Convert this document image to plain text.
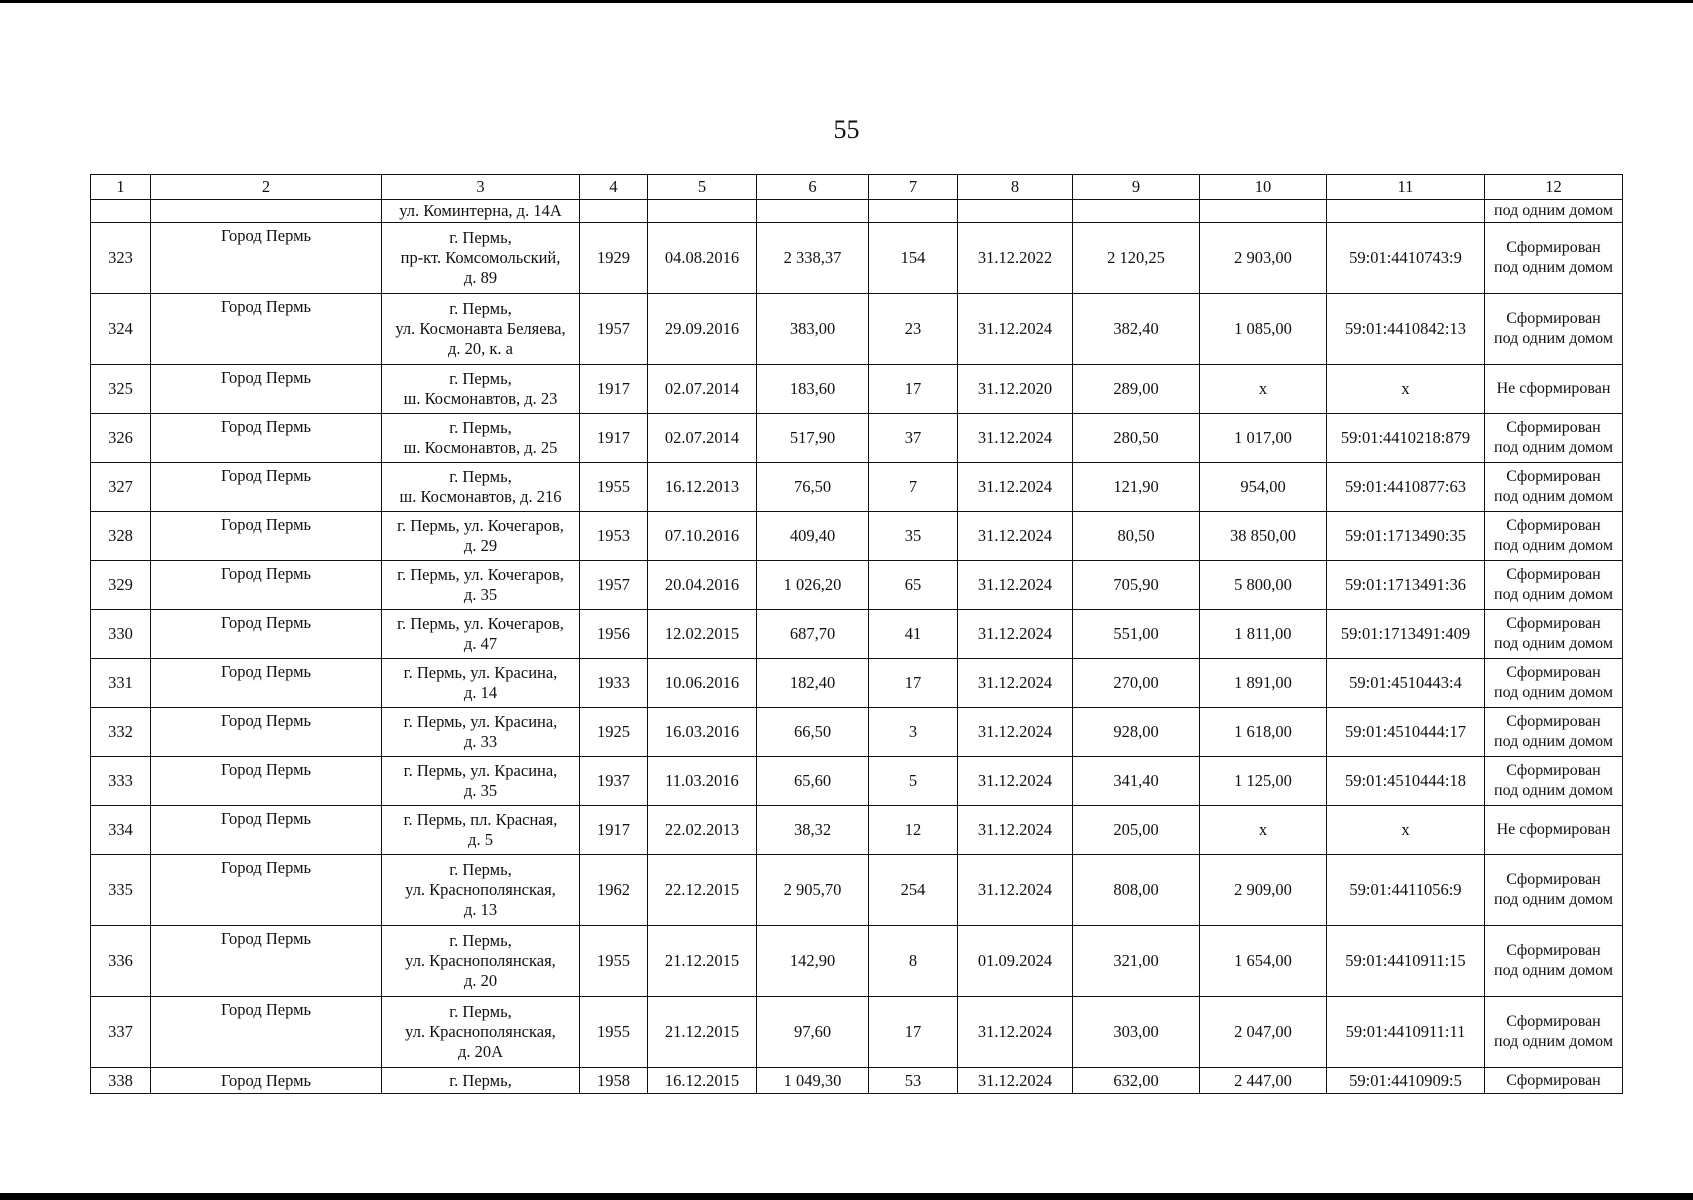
55
1	2	3	4	5	6	7	8	9	10	11	12
		ул. Коминтерна, д. 14А									под одним домом
323	Город Пермь	г. Пермь,
пр-кт. Комсомольский,
д. 89	1929	04.08.2016	2 338,37	154	31.12.2022	2 120,25	2 903,00	59:01:4410743:9	Сформирован
под одним домом
324	Город Пермь	г. Пермь,
ул. Космонавта Беляева,
д. 20, к. а	1957	29.09.2016	383,00	23	31.12.2024	382,40	1 085,00	59:01:4410842:13	Сформирован
под одним домом
325	Город Пермь	г. Пермь,
ш. Космонавтов, д. 23	1917	02.07.2014	183,60	17	31.12.2020	289,00	x	x	Не сформирован
326	Город Пермь	г. Пермь,
ш. Космонавтов, д. 25	1917	02.07.2014	517,90	37	31.12.2024	280,50	1 017,00	59:01:4410218:879	Сформирован
под одним домом
327	Город Пермь	г. Пермь,
ш. Космонавтов, д. 216	1955	16.12.2013	76,50	7	31.12.2024	121,90	954,00	59:01:4410877:63	Сформирован
под одним домом
328	Город Пермь	г. Пермь, ул. Кочегаров,
д. 29	1953	07.10.2016	409,40	35	31.12.2024	80,50	38 850,00	59:01:1713490:35	Сформирован
под одним домом
329	Город Пермь	г. Пермь, ул. Кочегаров,
д. 35	1957	20.04.2016	1 026,20	65	31.12.2024	705,90	5 800,00	59:01:1713491:36	Сформирован
под одним домом
330	Город Пермь	г. Пермь, ул. Кочегаров,
д. 47	1956	12.02.2015	687,70	41	31.12.2024	551,00	1 811,00	59:01:1713491:409	Сформирован
под одним домом
331	Город Пермь	г. Пермь, ул. Красина,
д. 14	1933	10.06.2016	182,40	17	31.12.2024	270,00	1 891,00	59:01:4510443:4	Сформирован
под одним домом
332	Город Пермь	г. Пермь, ул. Красина,
д. 33	1925	16.03.2016	66,50	3	31.12.2024	928,00	1 618,00	59:01:4510444:17	Сформирован
под одним домом
333	Город Пермь	г. Пермь, ул. Красина,
д. 35	1937	11.03.2016	65,60	5	31.12.2024	341,40	1 125,00	59:01:4510444:18	Сформирован
под одним домом
334	Город Пермь	г. Пермь, пл. Красная,
д. 5	1917	22.02.2013	38,32	12	31.12.2024	205,00	x	x	Не сформирован
335	Город Пермь	г. Пермь,
ул. Краснополянская,
д. 13	1962	22.12.2015	2 905,70	254	31.12.2024	808,00	2 909,00	59:01:4411056:9	Сформирован
под одним домом
336	Город Пермь	г. Пермь,
ул. Краснополянская,
д. 20	1955	21.12.2015	142,90	8	01.09.2024	321,00	1 654,00	59:01:4410911:15	Сформирован
под одним домом
337	Город Пермь	г. Пермь,
ул. Краснополянская,
д. 20А	1955	21.12.2015	97,60	17	31.12.2024	303,00	2 047,00	59:01:4410911:11	Сформирован
под одним домом
338	Город Пермь	г. Пермь,	1958	16.12.2015	1 049,30	53	31.12.2024	632,00	2 447,00	59:01:4410909:5	Сформирован
